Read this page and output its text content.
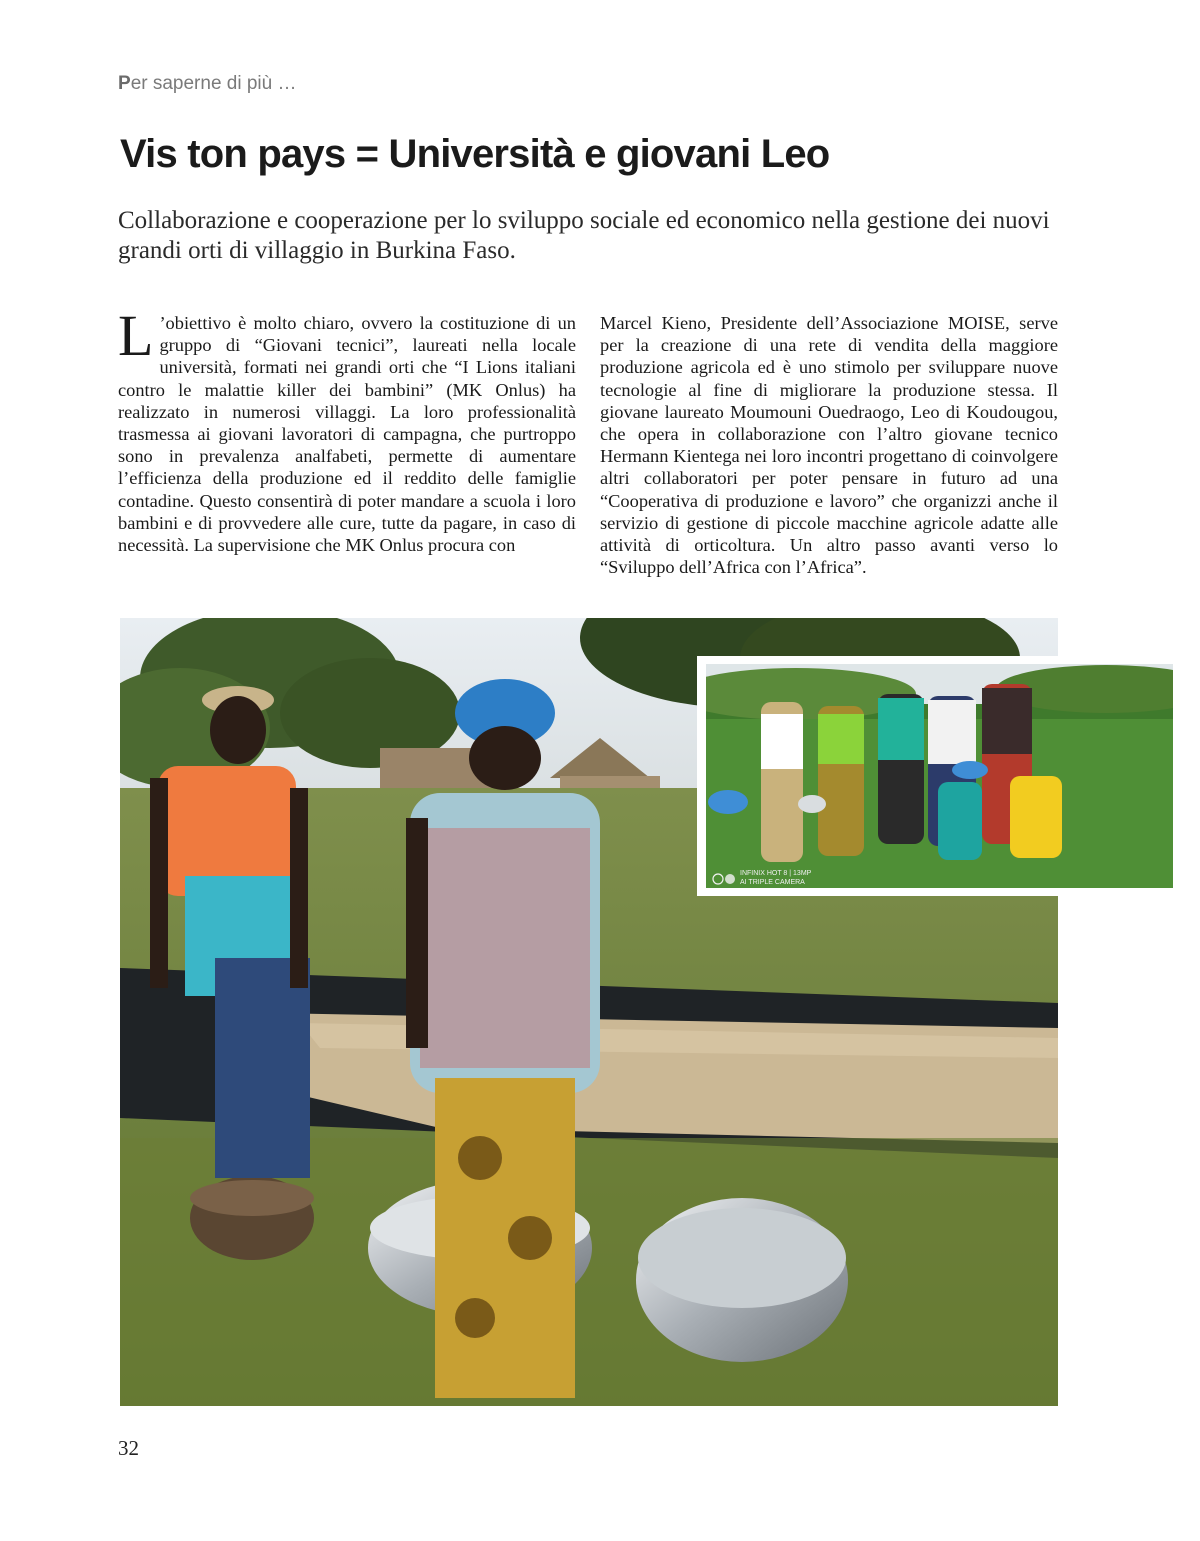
Per saperne di più …

Vis ton pays = Università e giovani Leo

Collaborazione e cooperazione per lo sviluppo sociale ed economico nella gestione dei nuovi grandi orti di villaggio in Burkina Faso.

L ’obiettivo è molto chiaro, ovvero la costituzione di un gruppo di “Giovani tecnici”, laureati nella locale università, formati nei grandi orti che “I Lions italiani contro le malattie killer dei bambini” (MK Onlus) ha realizzato in numerosi villaggi. La loro professionalità trasmessa ai giovani lavoratori di campagna, che purtroppo sono in prevalenza analfabeti, permette di aumentare l’efficienza della produzione ed il reddito delle famiglie contadine. Questo consentirà di poter mandare a scuola i loro bambini e di provvedere alle cure, tutte da pagare, in caso di necessità. La supervisione che MK Onlus procura con

Marcel Kieno, Presidente dell’Associazione MOISE, serve per la creazione di una rete di vendita della maggiore produzione agricola ed è uno stimolo per sviluppare nuove tecnologie al fine di migliorare la produzione stessa. Il giovane laureato Moumouni Ouedraogo, Leo di Koudougou, che opera in collaborazione con l’altro giovane tecnico Hermann Kientega nei loro incontri progettano di coinvolgere altri collaboratori per poter pensare in futuro ad una “Cooperativa di produzione e lavoro” che organizzi anche il servizio di gestione di piccole macchine agricole adatte alle attività di orticoltura. Un altro passo avanti verso lo “Sviluppo dell’Africa con l’Africa”.

INFINIX HOT 8 | 13MP
AI TRIPLE CAMERA

32
